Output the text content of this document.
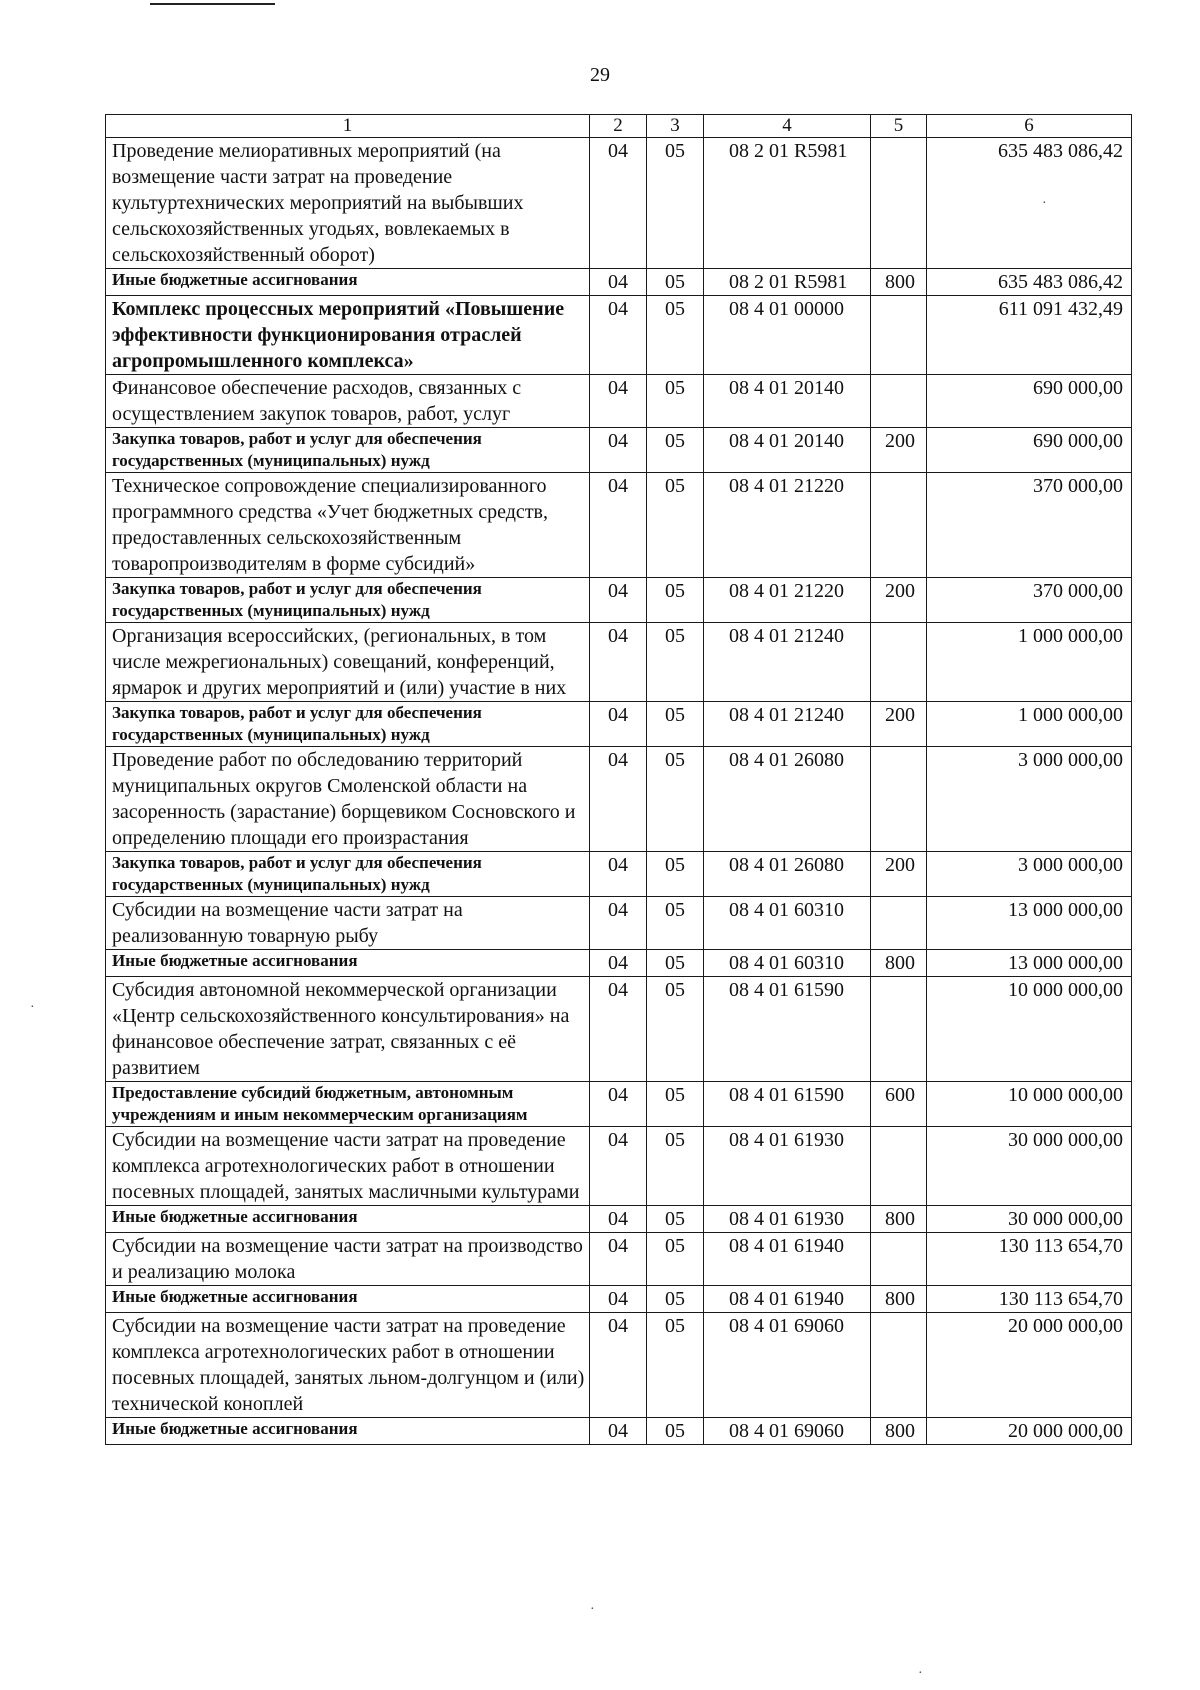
29
1	2	3	4	5	6
Проведение мелиоративных мероприятий (на возмещение части затрат на проведение культуртехнических мероприятий на выбывших сельскохозяйственных угодьях, вовлекаемых в сельскохозяйственный оборот)	04	05	08 2 01 R5981		635 483 086,42
Иные бюджетные ассигнования	04	05	08 2 01 R5981	800	635 483 086,42
Комплекс процессных мероприятий «Повышение эффективности функционирования отраслей агропромышленного комплекса»	04	05	08 4 01 00000		611 091 432,49
Финансовое обеспечение расходов, связанных с осуществлением закупок товаров, работ, услуг	04	05	08 4 01 20140		690 000,00
Закупка товаров, работ и услуг для обеспечения государственных (муниципальных) нужд	04	05	08 4 01 20140	200	690 000,00
Техническое сопровождение специализированного программного средства «Учет бюджетных средств, предоставленных сельскохозяйственным товаропроизводителям в форме субсидий»	04	05	08 4 01 21220		370 000,00
Закупка товаров, работ и услуг для обеспечения государственных (муниципальных) нужд	04	05	08 4 01 21220	200	370 000,00
Организация всероссийских, (региональных, в том числе межрегиональных) совещаний, конференций, ярмарок и других мероприятий и (или) участие в них	04	05	08 4 01 21240		1 000 000,00
Закупка товаров, работ и услуг для обеспечения государственных (муниципальных) нужд	04	05	08 4 01 21240	200	1 000 000,00
Проведение работ по обследованию территорий муниципальных округов Смоленской области на засоренность (зарастание) борщевиком Сосновского и определению площади его произрастания	04	05	08 4 01 26080		3 000 000,00
Закупка товаров, работ и услуг для обеспечения государственных (муниципальных) нужд	04	05	08 4 01 26080	200	3 000 000,00
Субсидии на возмещение части затрат на реализованную товарную рыбу	04	05	08 4 01 60310		13 000 000,00
Иные бюджетные ассигнования	04	05	08 4 01 60310	800	13 000 000,00
Субсидия автономной некоммерческой организации «Центр сельскохозяйственного консультирования» на финансовое обеспечение затрат, связанных с её развитием	04	05	08 4 01 61590		10 000 000,00
Предоставление субсидий бюджетным, автономным учреждениям и иным некоммерческим организациям	04	05	08 4 01 61590	600	10 000 000,00
Субсидии на возмещение части затрат на проведение комплекса агротехнологических работ в отношении посевных площадей, занятых масличными культурами	04	05	08 4 01 61930		30 000 000,00
Иные бюджетные ассигнования	04	05	08 4 01 61930	800	30 000 000,00
Субсидии на возмещение части затрат на производство и реализацию молока	04	05	08 4 01 61940		130 113 654,70
Иные бюджетные ассигнования	04	05	08 4 01 61940	800	130 113 654,70
Субсидии на возмещение части затрат на проведение комплекса агротехнологических работ в отношении посевных площадей, занятых льном-долгунцом и (или) технической коноплей	04	05	08 4 01 69060		20 000 000,00
Иные бюджетные ассигнования	04	05	08 4 01 69060	800	20 000 000,00
·
·
·
·
